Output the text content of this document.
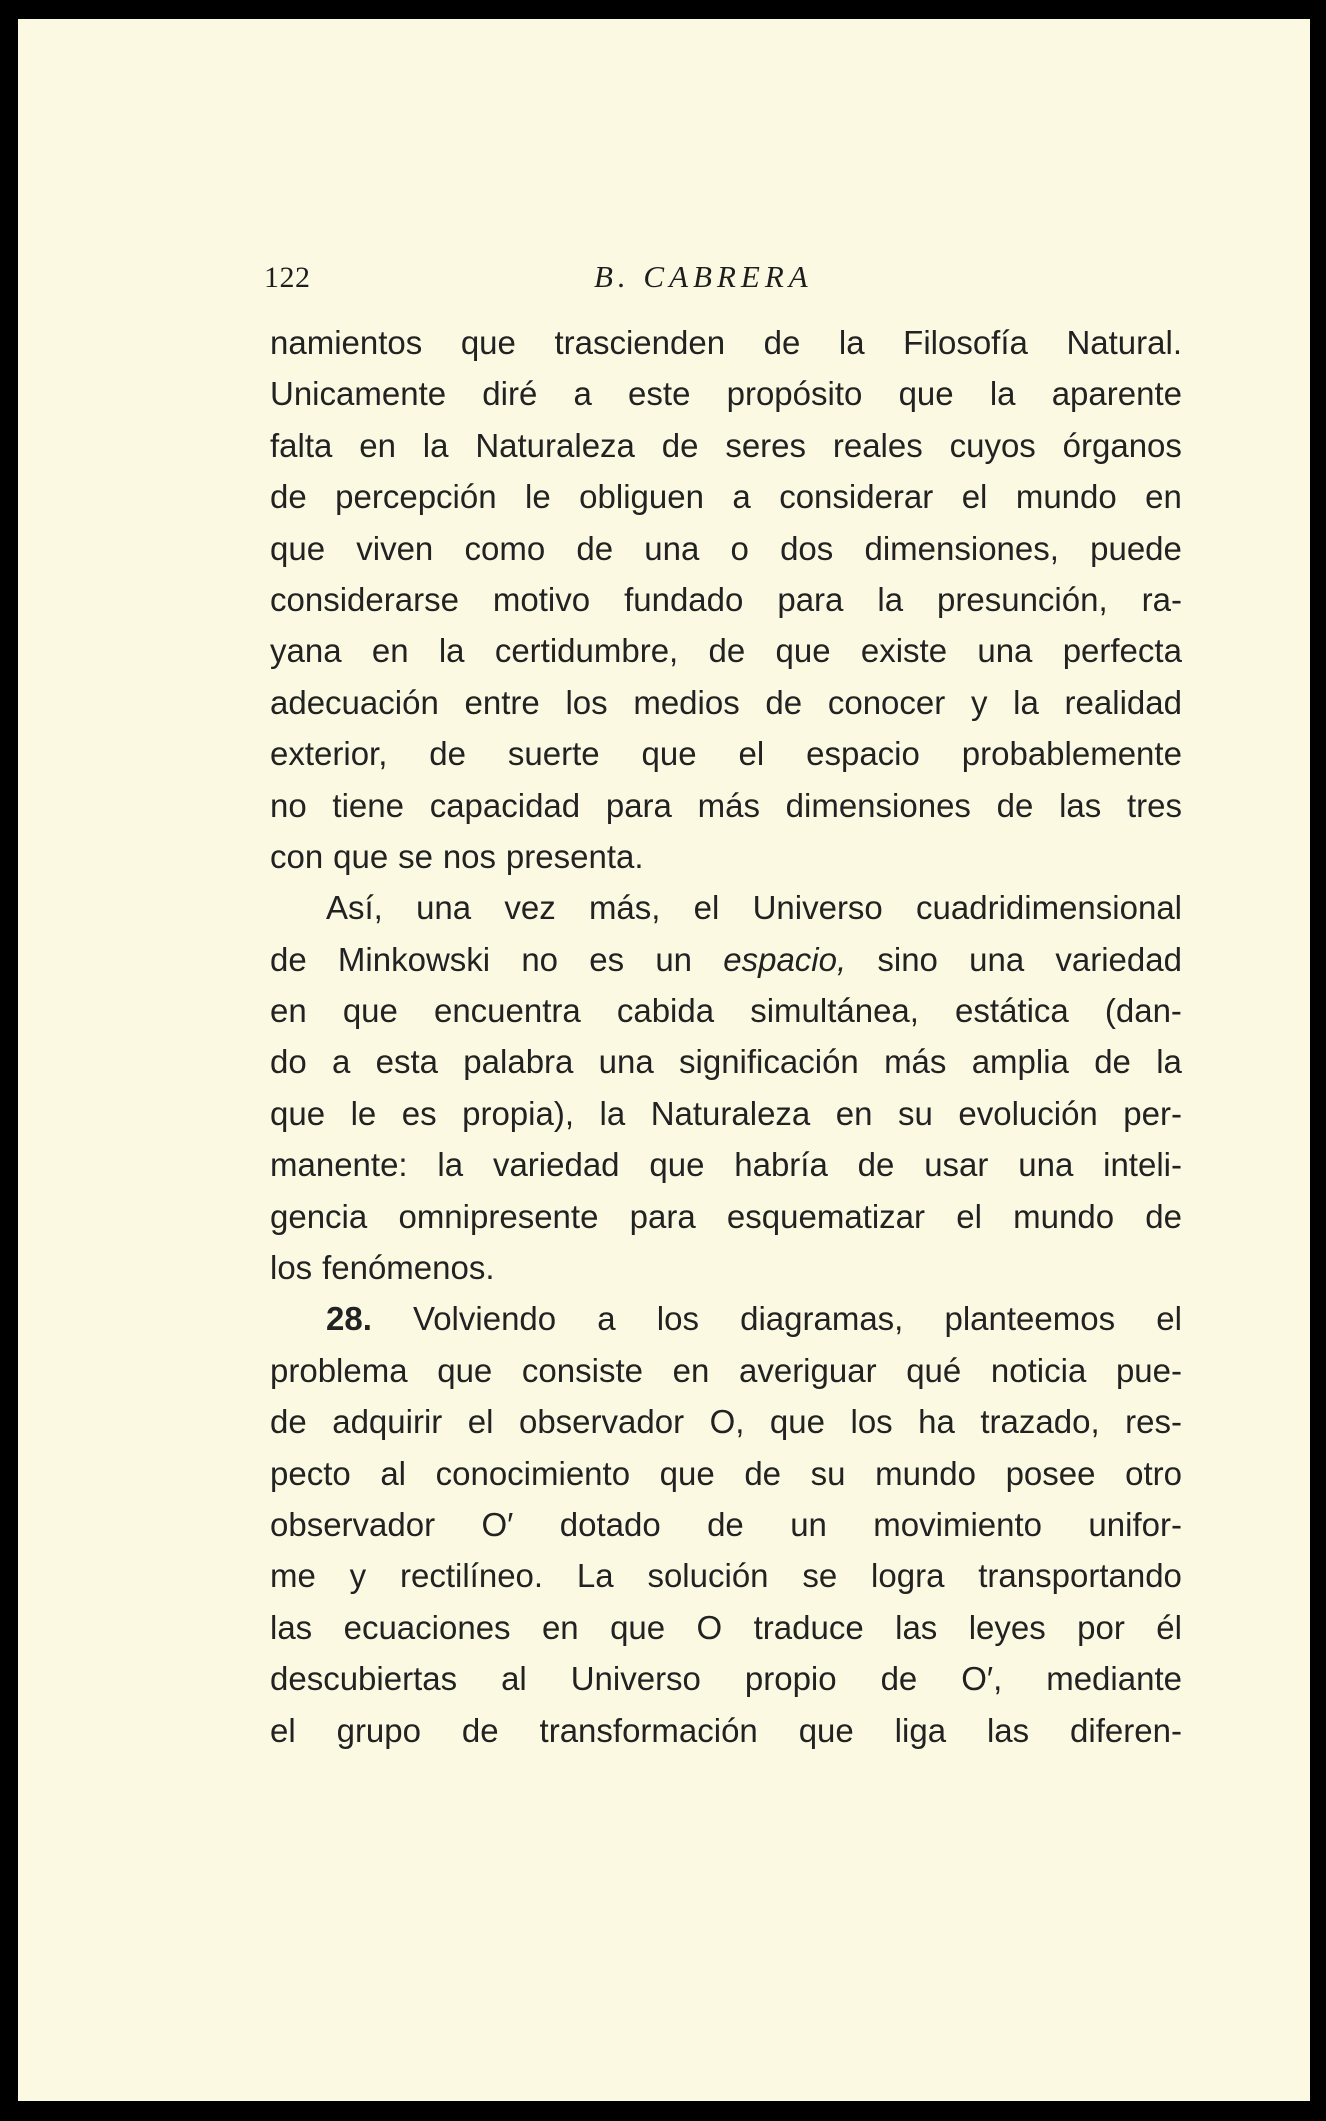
122	B. CABRERA
namientos que trascienden de la Filosofía Natural.
Unicamente diré a este propósito que la aparente
falta en la Naturaleza de seres reales cuyos órganos
de percepción le obliguen a considerar el mundo en
que viven como de una o dos dimensiones, puede
considerarse motivo fundado para la presunción, ra-
yana en la certidumbre, de que existe una perfecta
adecuación entre los medios de conocer y la realidad
exterior, de suerte que el espacio probablemente
no tiene capacidad para más dimensiones de las tres
con que se nos presenta.
Así, una vez más, el Universo cuadridimensional
de Minkowski no es un espacio, sino una variedad
en que encuentra cabida simultánea, estática (dan-
do a esta palabra una significación más amplia de la
que le es propia), la Naturaleza en su evolución per-
manente: la variedad que habría de usar una inteli-
gencia omnipresente para esquematizar el mundo de
los fenómenos.
28. Volviendo a los diagramas, planteemos el
problema que consiste en averiguar qué noticia pue-
de adquirir el observador O, que los ha trazado, res-
pecto al conocimiento que de su mundo posee otro
observador O′ dotado de un movimiento unifor-
me y rectilíneo. La solución se logra transportando
las ecuaciones en que O traduce las leyes por él
descubiertas al Universo propio de O′, mediante
el grupo de transformación que liga las diferen-
